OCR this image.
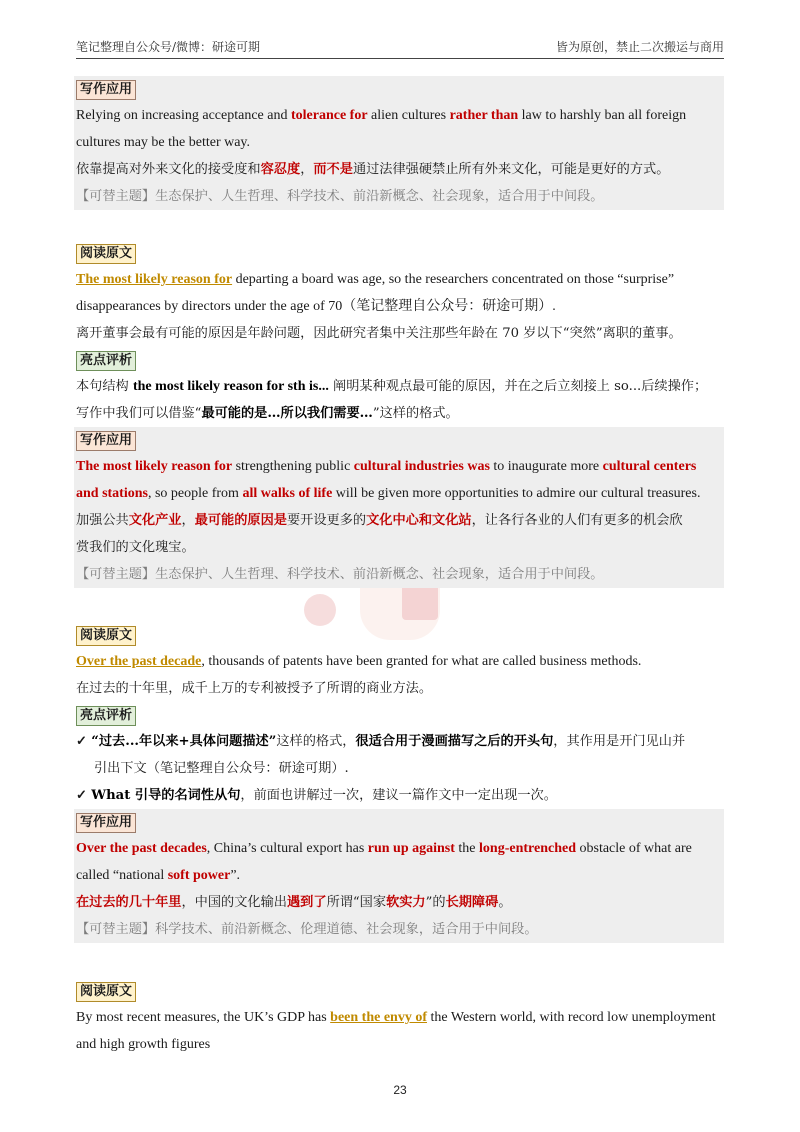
笔记整理自公众号/微博：研途可期	皆为原创，禁止二次搬运与商用
写作应用
Relying on increasing acceptance and tolerance for alien cultures rather than law to harshly ban all foreign
cultures may be the better way.
依靠提高对外来文化的接受度和容忍度，而不是通过法律强硬禁止所有外来文化，可能是更好的方式。
【可替主题】生态保护、人生哲理、科学技术、前沿新概念、社会现象，适合用于中间段。
阅读原文
The most likely reason for departing a board was age, so the researchers concentrated on those “surprise”
disappearances by directors under the age of 70（笔记整理自公众号：研途可期）.
离开董事会最有可能的原因是年龄问题，因此研究者集中关注那些年龄在 70 岁以下“突然”离职的董事。
亮点评析
本句结构 the most likely reason for sth is... 阐明某种观点最可能的原因，并在之后立刻接上 so...后续操作；
写作中我们可以借鉴“最可能的是…所以我们需要…”这样的格式。
写作应用
The most likely reason for strengthening public cultural industries was to inaugurate more cultural centers
and stations, so people from all walks of life will be given more opportunities to admire our cultural treasures.
加强公共文化产业，最可能的原因是要开设更多的文化中心和文化站，让各行各业的人们有更多的机会欣
赏我们的文化瑰宝。
【可替主题】生态保护、人生哲理、科学技术、前沿新概念、社会现象，适合用于中间段。
阅读原文
Over the past decade, thousands of patents have been granted for what are called business methods.
在过去的十年里，成千上万的专利被授予了所谓的商业方法。
亮点评析
✓ “过去...年以来+具体问题描述”这样的格式，很适合用于漫画描写之后的开头句，其作用是开门见山并
引出下文（笔记整理自公众号：研途可期）.
✓ What 引导的名词性从句，前面也讲解过一次，建议一篇作文中一定出现一次。
写作应用
Over the past decades, China’s cultural export has run up against the long-entrenched obstacle of what are
called “national soft power”.
在过去的几十年里，中国的文化输出遇到了所谓“国家软实力”的长期障碍。
【可替主题】科学技术、前沿新概念、伦理道德、社会现象，适合用于中间段。
阅读原文
By most recent measures, the UK’s GDP has been the envy of the Western world, with record low unemployment
and high growth figures
23
